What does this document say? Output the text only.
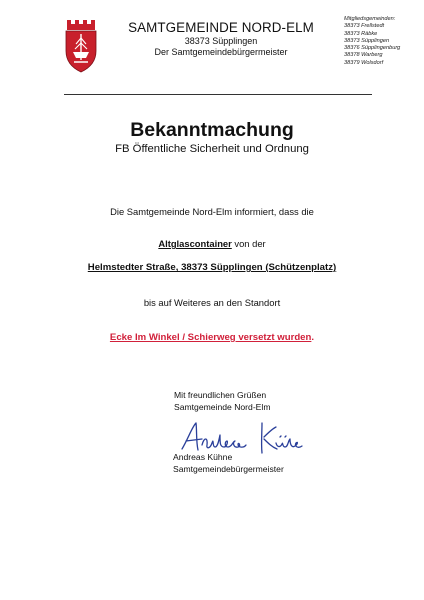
SAMTGEMEINDE NORD-ELM
38373 Süpplingen
Der Samtgemeindebürgermeister
Mitgliedsgemeinden:
38373 Frellstedt
38373 Räbke
38373 Süpplingen
38376 Süpplingenburg
38378 Warberg
38379 Wolsdorf
Bekanntmachung
FB Öffentliche Sicherheit und Ordnung
Die Samtgemeinde Nord-Elm informiert, dass die
Altglascontainer von der
Helmstedter Straße, 38373 Süpplingen (Schützenplatz)
bis auf Weiteres an den Standort
Ecke Im Winkel / Schierweg versetzt wurden.
Mit freundlichen Grüßen
Samtgemeinde Nord-Elm
Andreas Kühne
Samtgemeindebürgermeister
